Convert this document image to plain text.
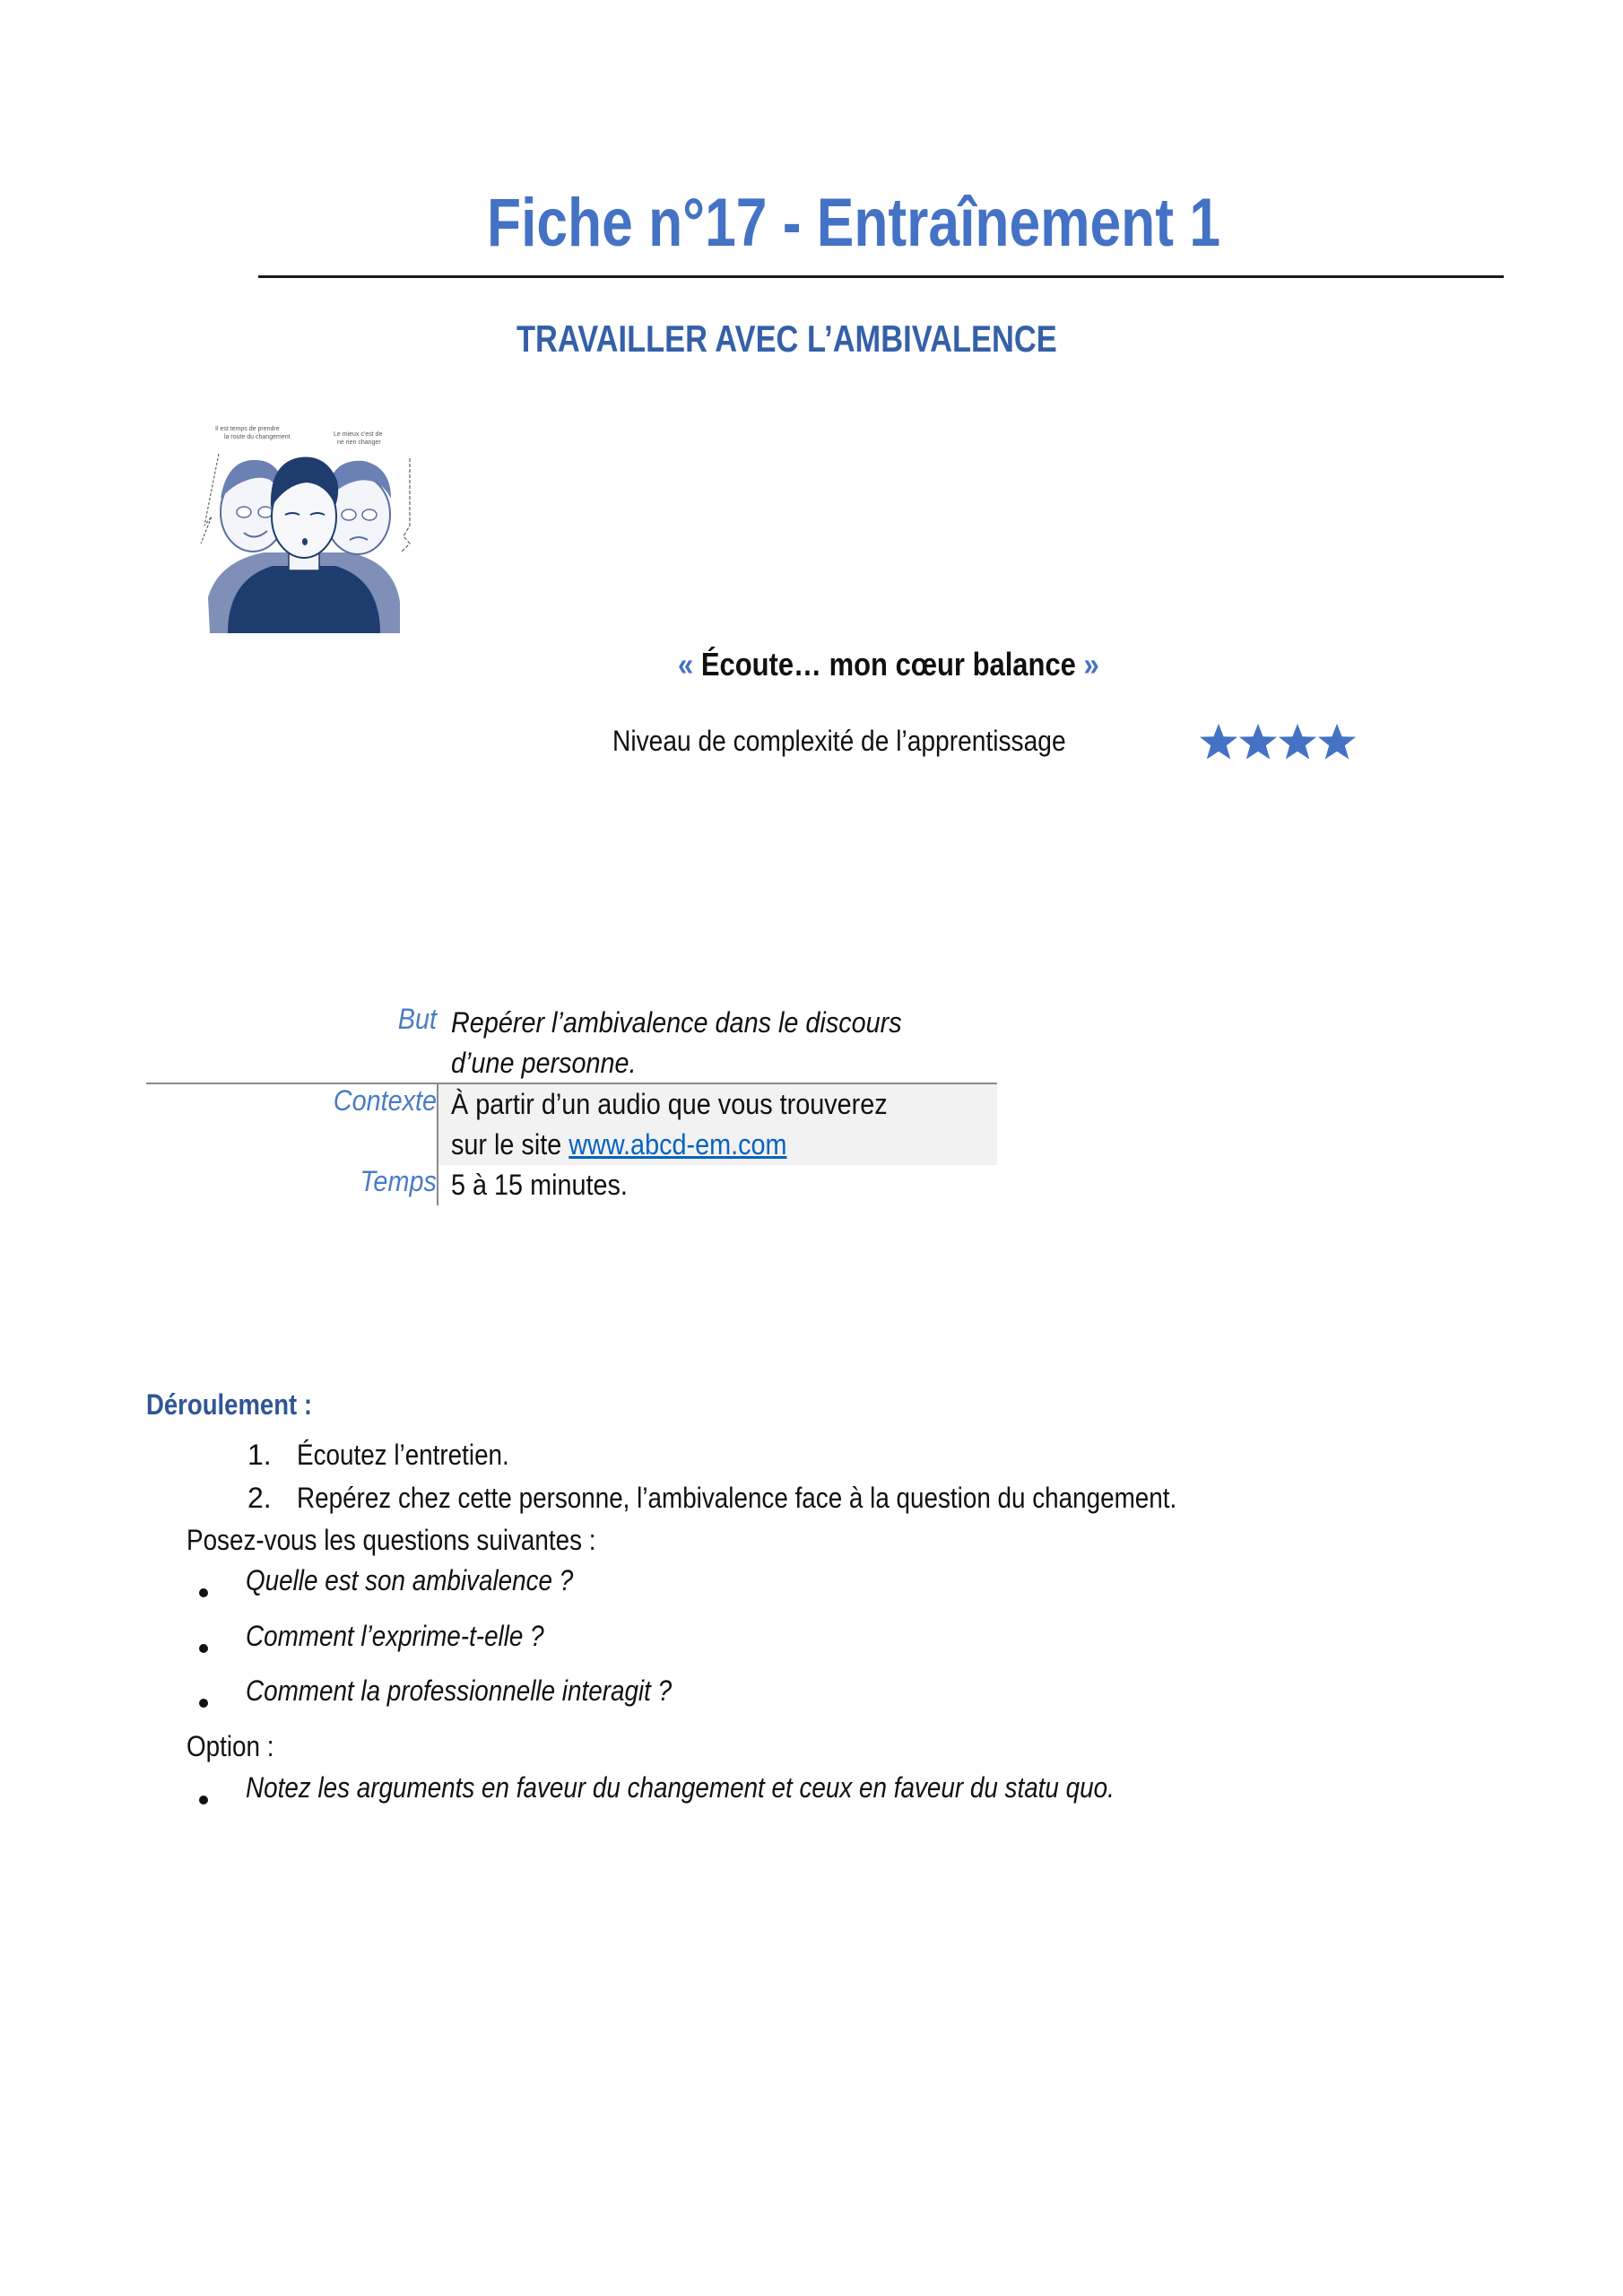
Fiche n°17 - Entraînement 1
TRAVAILLER AVEC L’AMBIVALENCE
Il est temps de prendre la route du changement	Le mieux c’est de ne rien changer
« Écoute… mon cœur balance »
Niveau de complexité de l’apprentissage
But Repérer l’ambivalence dans le discours
d’une personne.
Contexte À partir d’un audio que vous trouverez
sur le site www.abcd-em.com
Temps 5 à 15 minutes.
Déroulement :
1. Écoutez l’entretien.
2. Repérez chez cette personne, l’ambivalence face à la question du changement.
Posez-vous les questions suivantes :
Quelle est son ambivalence ?
Comment l’exprime-t-elle ?
Comment la professionnelle interagit ?
Option :
Notez les arguments en faveur du changement et ceux en faveur du statu quo.
